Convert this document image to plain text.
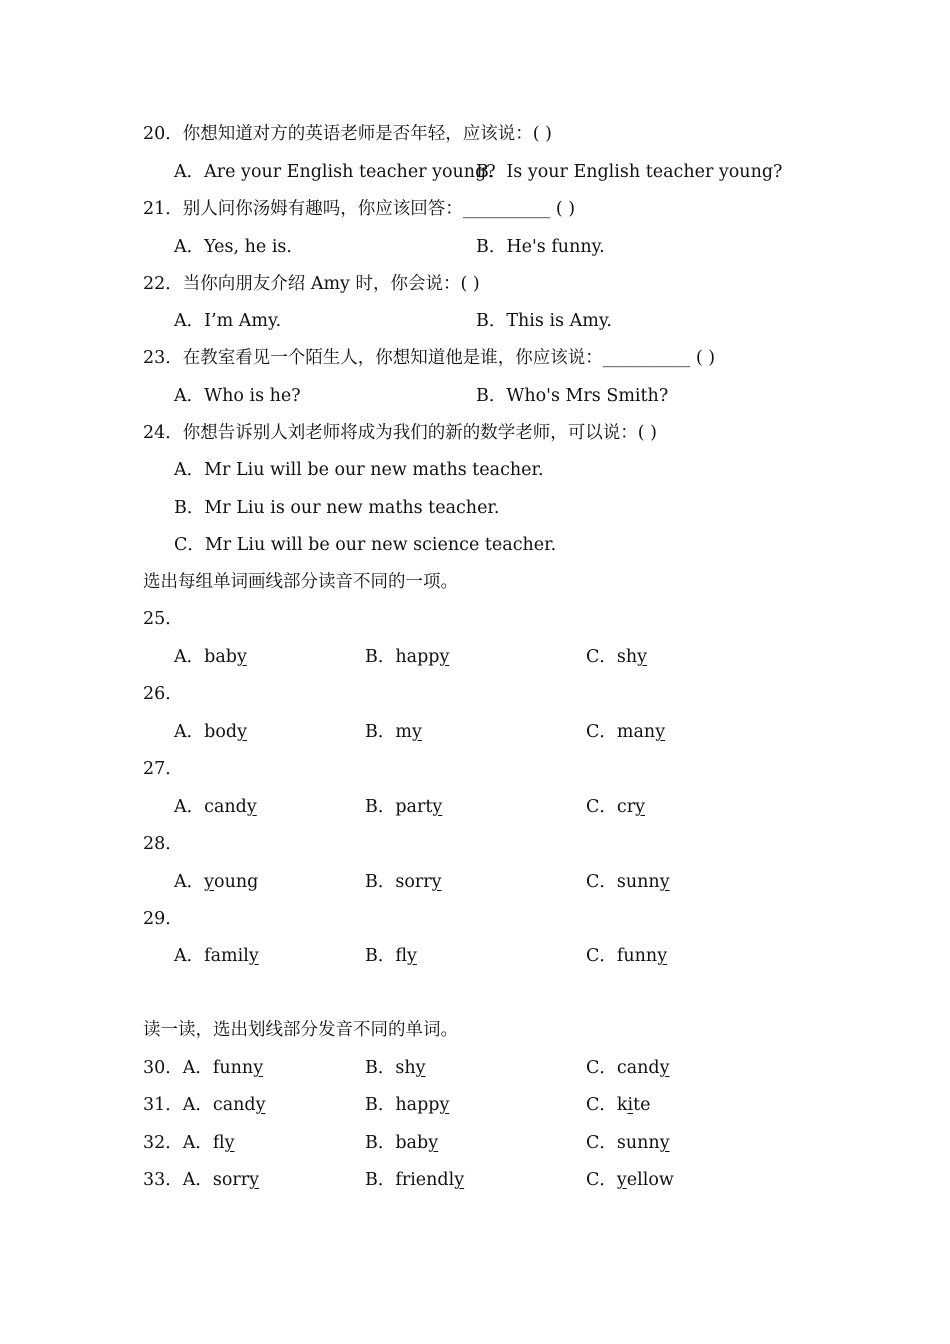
20．你想知道对方的英语老师是否年轻，应该说：( )
A．Are your English teacher young?
B．Is your English teacher young?
21．别人问你汤姆有趣吗，你应该回答：__________ ( )
A．Yes, he is.	B．He's funny.
22．当你向朋友介绍 Amy 时，你会说：( )
A．I’m Amy.	B．This is Amy.
23．在教室看见一个陌生人，你想知道他是谁，你应该说：__________ ( )
A．Who is he?	B．Who's Mrs Smith?
24．你想告诉别人刘老师将成为我们的新的数学老师，可以说：( )
A．Mr Liu will be our new maths teacher.
B．Mr Liu is our new maths teacher.
C．Mr Liu will be our new science teacher.
选出每组单词画线部分读音不同的一项。
25．
A．baby	B．happy	C．shy
26．
A．body	B．my	C．many
27．
A．candy	B．party	C．cry
28．
A．young	B．sorry	C．sunny
29．
A．family	B．fly	C．funny
读一读，选出划线部分发音不同的单词。
30．A．funny	B．shy	C．candy
31．A．candy	B．happy	C．kite
32．A．fly	B．baby	C．sunny
33．A．sorry	B．friendly	C．yellow
